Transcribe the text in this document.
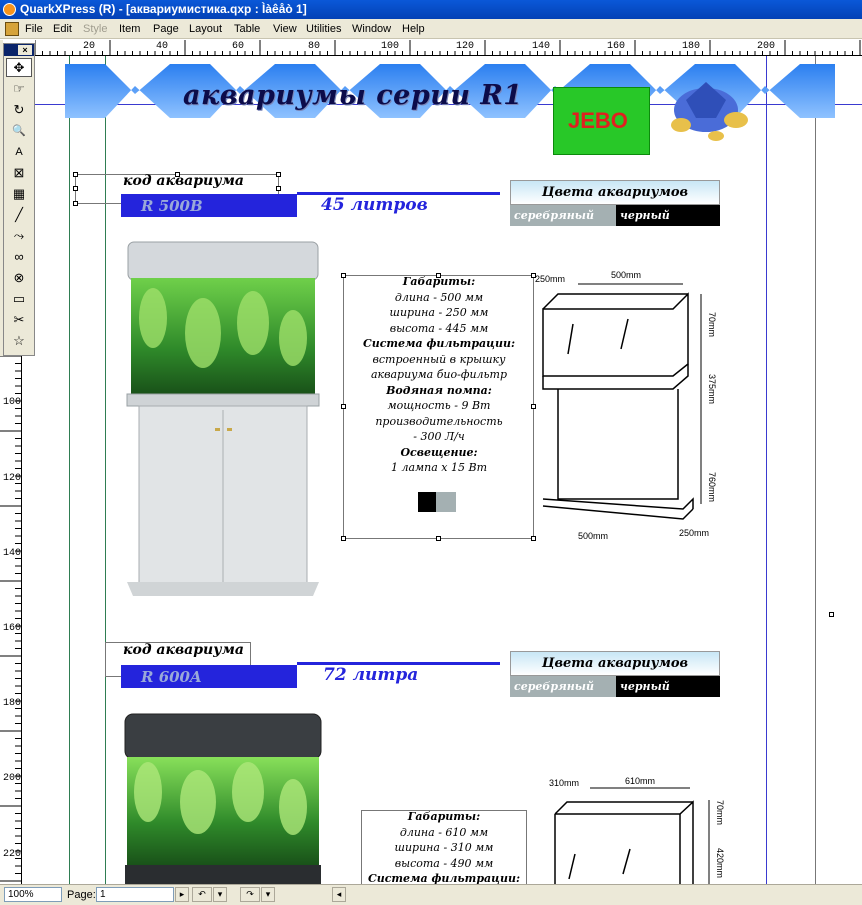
QuarkXPress (R) - [аквариумистика.qxp : Ìàêåò 1]
File Edit Style Item Page Layout Table View Utilities Window Help
20	40	60	80	100	120	140	160	180	200
100
120
140
160
180
200
220
аквариумы серии R1
JEBO
код аквариума
R 500B	45 литров
Цвета аквариумов
серебряный	черный
Габариты:
длина - 500 мм
ширина - 250 мм
высота - 445 мм
Система фильтрации:
встроенный в крышку
аквариума био-фильтр
Водяная помпа:
мощность - 9 Вт
производительность
- 300 Л/ч
Освещение:
1 лампа х 15 Вт
250mm	500mm
70mm
375mm
760mm
500mm	250mm
код аквариума
R 600A	72 литра
Цвета аквариумов
серебряный	черный
Габариты:
длина - 610 мм
ширина - 310 мм
высота - 490 мм
Система фильтрации:
310mm	610mm
70mm
420mm
×
✥
☞
↻
🔍
A
⊠
▦
╱
⤳
∞
⊗
▭
✂
☆
100%	Page: 1	▸	↶	▾	↷	▾	◂
